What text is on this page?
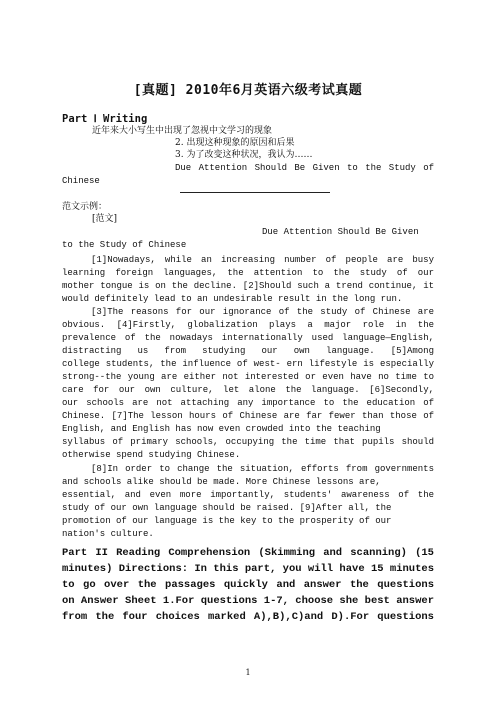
[真题] 2010年6月英语六级考试真题
Part Ⅰ Writing
近年来大小写生中出现了忽视中文学习的现象
2. 出现这种现象的原因和后果
3. 为了改变这种状况，我认为……
Due Attention Should Be Given to the Study of
Chinese
范文示例：
[范文]
Due Attention Should Be Given
to the Study of Chinese
[1]Nowadays, while an increasing number of people are busy
learning foreign languages, the attention to the study of our
mother tongue is on the decline. [2]Should such a trend continue, it
would definitely lead to an undesirable result in the long run.
[3]The reasons for our ignorance of the study of Chinese are
obvious. [4]Firstly, globalization plays a major role in the
prevalence of the nowadays internationally used language—English,
distracting us from studying our own language. [5]Among
college students, the influence of west- ern lifestyle is especially
strong--the young are either not interested or even have no time to
care for our own culture, let alone the language. [6]Secondly,
our schools are not attaching any importance to the education of
Chinese. [7]The lesson hours of Chinese are far fewer than those of
English, and English has now even crowded into the teaching
syllabus of primary schools, occupying the time that pupils should
otherwise spend studying Chinese.
[8]In order to change the situation, efforts from governments
and schools alike should be made. More Chinese lessons are,
essential, and even more importantly, students' awareness of the
study of our own language should be raised. [9]After all, the
promotion of our language is the key to the prosperity of our
nation's culture.
Part II Reading Comprehension (Skimming and scanning) (15
minutes) Directions: In this part, you will have 15 minutes
to go over the passages quickly and answer the questions
on Answer Sheet 1.For questions 1-7, choose she best answer
from the four choices marked A),B),C)and D).For questions
1
